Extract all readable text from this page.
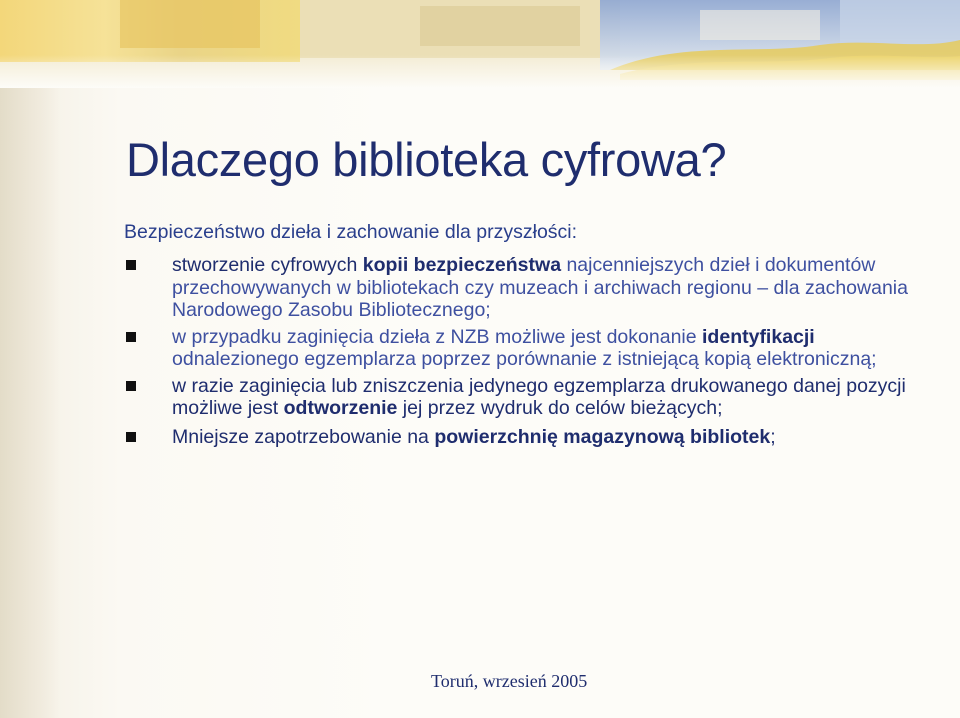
Dlaczego biblioteka cyfrowa?

Bezpieczeństwo dzieła i zachowanie dla przyszłości:

stworzenie cyfrowych kopii bezpieczeństwa najcenniejszych dzieł i dokumentów przechowywanych w bibliotekach czy muzeach i archiwach regionu – dla zachowania Narodowego Zasobu Bibliotecznego;
w przypadku zaginięcia dzieła z NZB możliwe jest dokonanie identyfikacji odnalezionego egzemplarza poprzez porównanie z istniejącą kopią elektroniczną;
w razie zaginięcia lub zniszczenia jedynego egzemplarza drukowanego danej pozycji możliwe jest odtworzenie jej przez wydruk do celów bieżących;
Mniejsze zapotrzebowanie na powierzchnię magazynową bibliotek;

Toruń, wrzesień 2005
